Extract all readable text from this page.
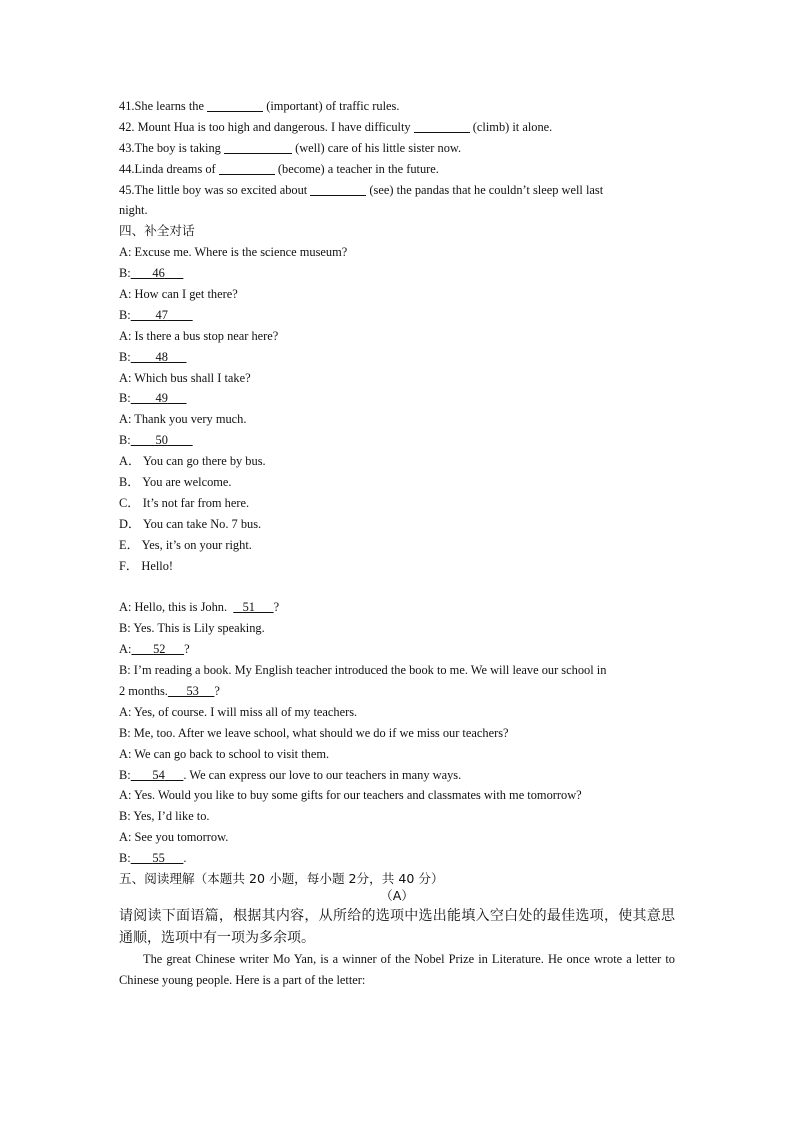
41.She learns the	(important) of traffic rules.
42. Mount Hua is too high and dangerous. I have difficulty	(climb) it alone.
43.The boy is taking	(well) care of his little sister now.
44.Linda dreams of	(become) a teacher in the future.
45.The little boy was so excited about	(see) the pandas that he couldn’t sleep well last
night.
四、补全对话
A: Excuse me. Where is the science museum?
B:    46  
A: How can I get there?
B:     47  
A: Is there a bus stop near here?
B:     48  
A: Which bus shall I take?
B:     49  
A: Thank you very much.
B:     50  
A． You can go there by bus.
B． You are welcome.
C． It’s not far from here.
D． You can take No. 7 bus.
E． Yes, it’s on your right.
F． Hello!
A: Hello, this is John.    51   ?
B: Yes. This is Lily speaking.
A:    52   ?
B: I’m reading a book. My English teacher introduced the book to me. We will leave our school in
2 months.   53   ?
A: Yes, of course. I will miss all of my teachers.
B: Me, too. After we leave school, what should we do if we miss our teachers?
A: We can go back to school to visit them.
B:    54   . We can express our love to our teachers in many ways.
A: Yes. Would you like to buy some gifts for our teachers and classmates with me tomorrow?
B: Yes, I’d like to.
A: See you tomorrow.
B:    55   .
五、阅读理解（本题共 20 小题，每小题 2分，共 40 分）
（A）
请阅读下面语篇，根据其内容，从所给的选项中选出能填入空白处的最佳选项，使其意思通顺，选项中有一项为多余项。
The great Chinese writer Mo Yan, is a winner of the Nobel Prize in Literature. He once wrote a letter to Chinese young people. Here is a part of the letter:
